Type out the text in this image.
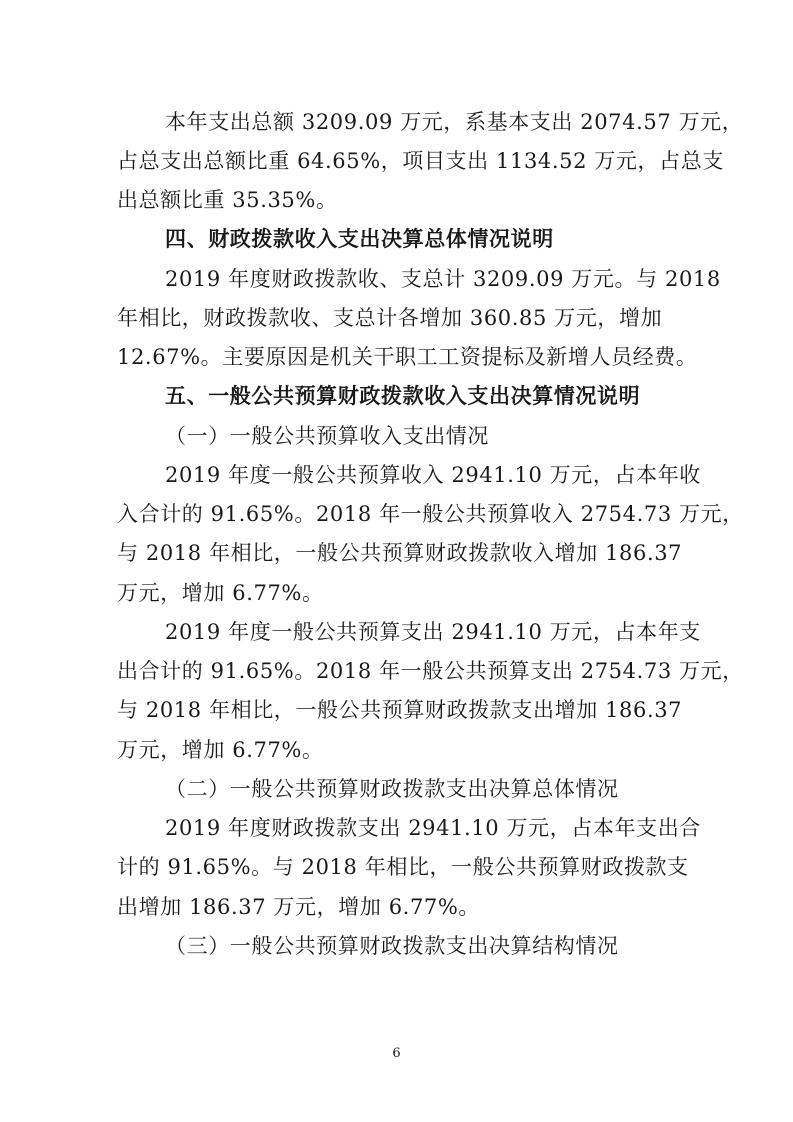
本年支出总额 3209.09 万元，系基本支出 2074.57 万元，
占总支出总额比重 64.65%，项目支出 1134.52 万元，占总支
出总额比重 35.35%。
四、财政拨款收入支出决算总体情况说明
2019 年度财政拨款收、支总计 3209.09 万元。与 2018
年相比，财政拨款收、支总计各增加 360.85 万元，增加
12.67%。主要原因是机关干职工工资提标及新增人员经费。
五、一般公共预算财政拨款收入支出决算情况说明
（一）一般公共预算收入支出情况
2019 年度一般公共预算收入 2941.10 万元，占本年收
入合计的 91.65%。2018 年一般公共预算收入 2754.73 万元，
与 2018 年相比，一般公共预算财政拨款收入增加 186.37
万元，增加 6.77%。
2019 年度一般公共预算支出 2941.10 万元，占本年支
出合计的 91.65%。2018 年一般公共预算支出 2754.73 万元，
与 2018 年相比，一般公共预算财政拨款支出增加 186.37
万元，增加 6.77%。
（二）一般公共预算财政拨款支出决算总体情况
2019 年度财政拨款支出 2941.10 万元，占本年支出合
计的 91.65%。与 2018 年相比，一般公共预算财政拨款支
出增加 186.37 万元，增加 6.77%。
（三）一般公共预算财政拨款支出决算结构情况
6
